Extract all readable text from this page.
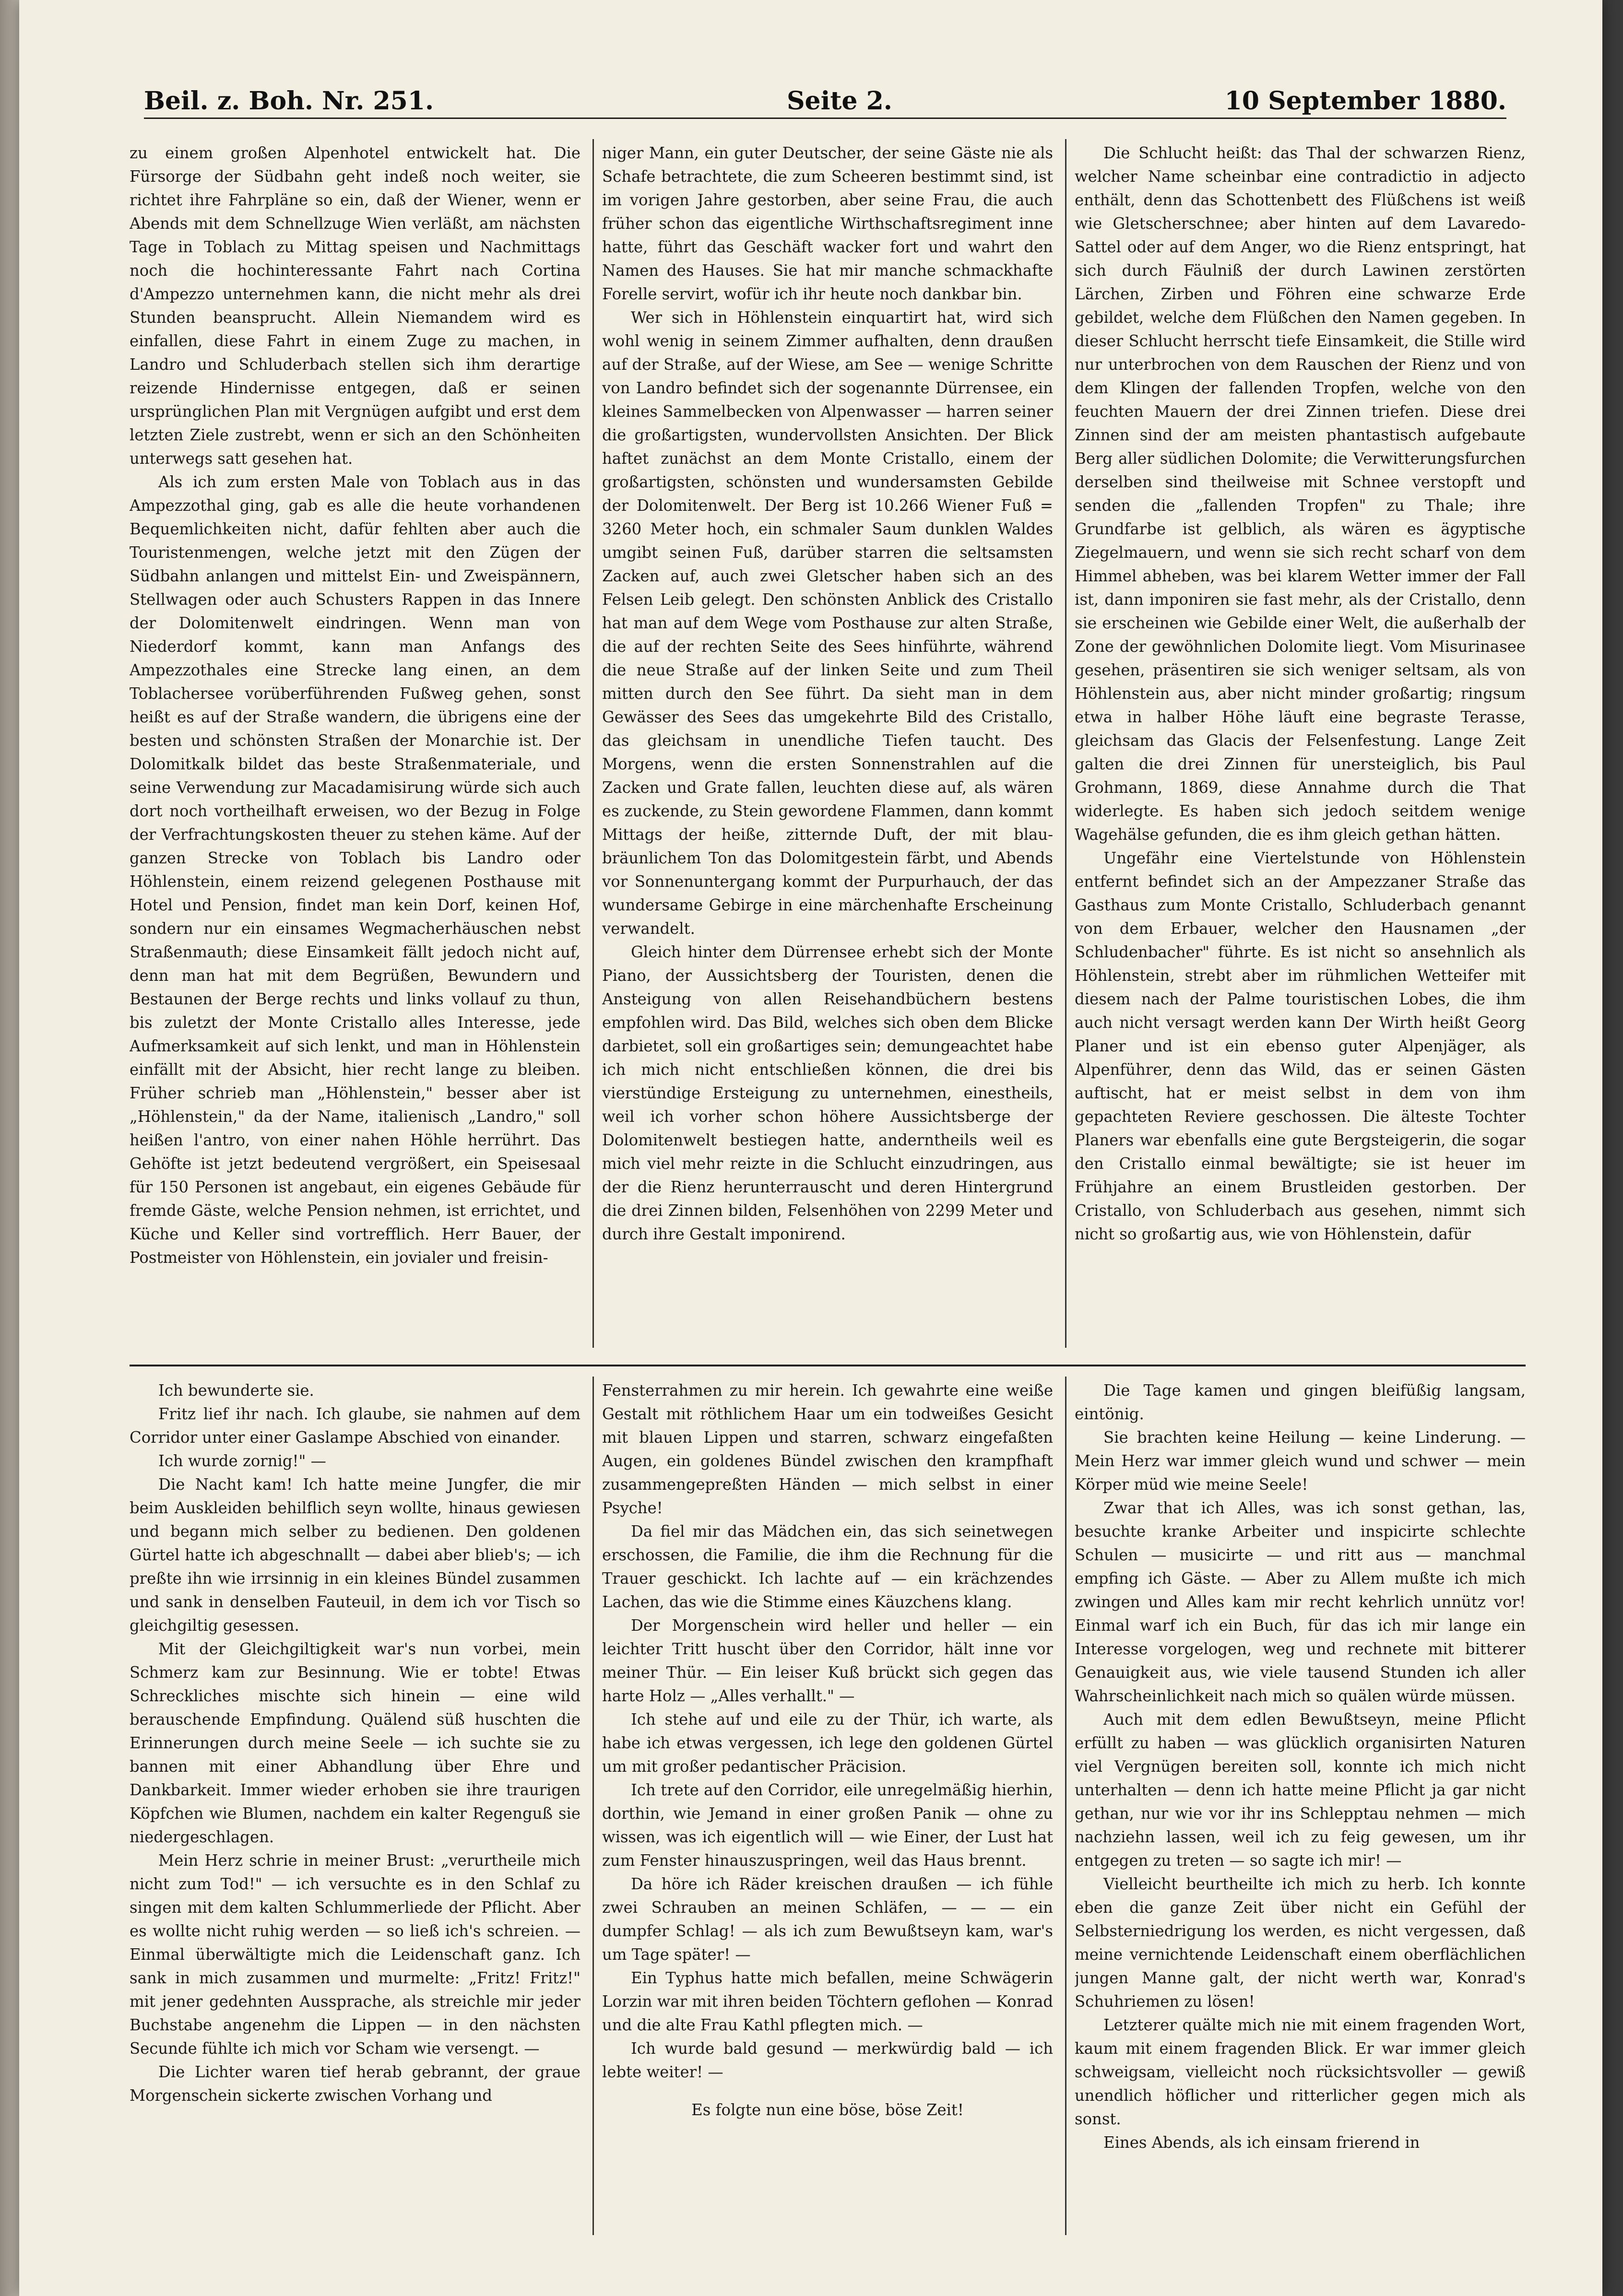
Beil. z. Boh. Nr. 251.	Seite 2.	10 September 1880.

zu einem großen Alpenhotel entwickelt hat. Die Fürsorge der Südbahn geht indeß noch weiter, sie richtet ihre Fahrpläne so ein, daß der Wiener, wenn er Abends mit dem Schnellzuge Wien verläßt, am nächsten Tage in Toblach zu Mittag speisen und Nachmittags noch die hochinteressante Fahrt nach Cortina d'Ampezzo unternehmen kann, die nicht mehr als drei Stunden beansprucht. Allein Niemandem wird es einfallen, diese Fahrt in einem Zuge zu machen, in Landro und Schluderbach stellen sich ihm derartige reizende Hindernisse entgegen, daß er seinen ursprünglichen Plan mit Vergnügen aufgibt und erst dem letzten Ziele zustrebt, wenn er sich an den Schönheiten unterwegs satt gesehen hat.

Als ich zum ersten Male von Toblach aus in das Ampezzothal ging, gab es alle die heute vorhandenen Bequemlichkeiten nicht, dafür fehlten aber auch die Touristenmengen, welche jetzt mit den Zügen der Südbahn anlangen und mittelst Ein- und Zweispännern, Stellwagen oder auch Schusters Rappen in das Innere der Dolomitenwelt eindringen. Wenn man von Niederdorf kommt, kann man Anfangs des Ampezzothales eine Strecke lang einen, an dem Toblachersee vorüberführenden Fußweg gehen, sonst heißt es auf der Straße wandern, die übrigens eine der besten und schönsten Straßen der Monarchie ist. Der Dolomitkalk bildet das beste Straßenmateriale, und seine Verwendung zur Macadamisirung würde sich auch dort noch vortheilhaft erweisen, wo der Bezug in Folge der Verfrachtungskosten theuer zu stehen käme. Auf der ganzen Strecke von Toblach bis Landro oder Höhlenstein, einem reizend gelegenen Posthause mit Hotel und Pension, findet man kein Dorf, keinen Hof, sondern nur ein einsames Wegmacherhäuschen nebst Straßenmauth; diese Einsamkeit fällt jedoch nicht auf, denn man hat mit dem Begrüßen, Bewundern und Bestaunen der Berge rechts und links vollauf zu thun, bis zuletzt der Monte Cristallo alles Interesse, jede Aufmerksamkeit auf sich lenkt, und man in Höhlenstein einfällt mit der Absicht, hier recht lange zu bleiben. Früher schrieb man „Höhlenstein," besser aber ist „Höhlenstein," da der Name, italienisch „Landro," soll heißen l'antro, von einer nahen Höhle herrührt. Das Gehöfte ist jetzt bedeutend vergrößert, ein Speisesaal für 150 Personen ist angebaut, ein eigenes Gebäude für fremde Gäste, welche Pension nehmen, ist errichtet, und Küche und Keller sind vortrefflich. Herr Bauer, der Postmeister von Höhlenstein, ein jovialer und freisin-

niger Mann, ein guter Deutscher, der seine Gäste nie als Schafe betrachtete, die zum Scheeren bestimmt sind, ist im vorigen Jahre gestorben, aber seine Frau, die auch früher schon das eigentliche Wirthschaftsregiment inne hatte, führt das Geschäft wacker fort und wahrt den Namen des Hauses. Sie hat mir manche schmackhafte Forelle servirt, wofür ich ihr heute noch dankbar bin.

Wer sich in Höhlenstein einquartirt hat, wird sich wohl wenig in seinem Zimmer aufhalten, denn draußen auf der Straße, auf der Wiese, am See — wenige Schritte von Landro befindet sich der sogenannte Dürrensee, ein kleines Sammelbecken von Alpenwasser — harren seiner die großartigsten, wundervollsten Ansichten. Der Blick haftet zunächst an dem Monte Cristallo, einem der großartigsten, schönsten und wundersamsten Gebilde der Dolomitenwelt. Der Berg ist 10.266 Wiener Fuß = 3260 Meter hoch, ein schmaler Saum dunklen Waldes umgibt seinen Fuß, darüber starren die seltsamsten Zacken auf, auch zwei Gletscher haben sich an des Felsen Leib gelegt. Den schönsten Anblick des Cristallo hat man auf dem Wege vom Posthause zur alten Straße, die auf der rechten Seite des Sees hinführte, während die neue Straße auf der linken Seite und zum Theil mitten durch den See führt. Da sieht man in dem Gewässer des Sees das umgekehrte Bild des Cristallo, das gleichsam in unendliche Tiefen taucht. Des Morgens, wenn die ersten Sonnenstrahlen auf die Zacken und Grate fallen, leuchten diese auf, als wären es zuckende, zu Stein gewordene Flammen, dann kommt Mittags der heiße, zitternde Duft, der mit blau-bräunlichem Ton das Dolomitgestein färbt, und Abends vor Sonnenuntergang kommt der Purpurhauch, der das wundersame Gebirge in eine märchenhafte Erscheinung verwandelt.

Gleich hinter dem Dürrensee erhebt sich der Monte Piano, der Aussichtsberg der Touristen, denen die Ansteigung von allen Reisehandbüchern bestens empfohlen wird. Das Bild, welches sich oben dem Blicke darbietet, soll ein großartiges sein; demungeachtet habe ich mich nicht entschließen können, die drei bis vierstündige Ersteigung zu unternehmen, einestheils, weil ich vorher schon höhere Aussichtsberge der Dolomitenwelt bestiegen hatte, anderntheils weil es mich viel mehr reizte in die Schlucht einzudringen, aus der die Rienz herunterrauscht und deren Hintergrund die drei Zinnen bilden, Felsenhöhen von 2299 Meter und durch ihre Gestalt imponirend.

Die Schlucht heißt: das Thal der schwarzen Rienz, welcher Name scheinbar eine contradictio in adjecto enthält, denn das Schottenbett des Flüßchens ist weiß wie Gletscherschnee; aber hinten auf dem Lavaredo-Sattel oder auf dem Anger, wo die Rienz entspringt, hat sich durch Fäulniß der durch Lawinen zerstörten Lärchen, Zirben und Föhren eine schwarze Erde gebildet, welche dem Flüßchen den Namen gegeben. In dieser Schlucht herrscht tiefe Einsamkeit, die Stille wird nur unterbrochen von dem Rauschen der Rienz und von dem Klingen der fallenden Tropfen, welche von den feuchten Mauern der drei Zinnen triefen. Diese drei Zinnen sind der am meisten phantastisch aufgebaute Berg aller südlichen Dolomite; die Verwitterungsfurchen derselben sind theilweise mit Schnee verstopft und senden die „fallenden Tropfen" zu Thale; ihre Grundfarbe ist gelblich, als wären es ägyptische Ziegelmauern, und wenn sie sich recht scharf von dem Himmel abheben, was bei klarem Wetter immer der Fall ist, dann imponiren sie fast mehr, als der Cristallo, denn sie erscheinen wie Gebilde einer Welt, die außerhalb der Zone der gewöhnlichen Dolomite liegt. Vom Misurinasee gesehen, präsentiren sie sich weniger seltsam, als von Höhlenstein aus, aber nicht minder großartig; ringsum etwa in halber Höhe läuft eine begraste Terasse, gleichsam das Glacis der Felsenfestung. Lange Zeit galten die drei Zinnen für unersteiglich, bis Paul Grohmann, 1869, diese Annahme durch die That widerlegte. Es haben sich jedoch seitdem wenige Wagehälse gefunden, die es ihm gleich gethan hätten.

Ungefähr eine Viertelstunde von Höhlenstein entfernt befindet sich an der Ampezzaner Straße das Gasthaus zum Monte Cristallo, Schluderbach genannt von dem Erbauer, welcher den Hausnamen „der Schludenbacher" führte. Es ist nicht so ansehnlich als Höhlenstein, strebt aber im rühmlichen Wetteifer mit diesem nach der Palme touristischen Lobes, die ihm auch nicht versagt werden kann Der Wirth heißt Georg Planer und ist ein ebenso guter Alpenjäger, als Alpenführer, denn das Wild, das er seinen Gästen auftischt, hat er meist selbst in dem von ihm gepachteten Reviere geschossen. Die älteste Tochter Planers war ebenfalls eine gute Bergsteigerin, die sogar den Cristallo einmal bewältigte; sie ist heuer im Frühjahre an einem Brustleiden gestorben. Der Cristallo, von Schluderbach aus gesehen, nimmt sich nicht so großartig aus, wie von Höhlenstein, dafür

Ich bewunderte sie.

Fritz lief ihr nach. Ich glaube, sie nahmen auf dem Corridor unter einer Gaslampe Abschied von einander.

Ich wurde zornig!" —

Die Nacht kam! Ich hatte meine Jungfer, die mir beim Auskleiden behilflich seyn wollte, hinaus gewiesen und begann mich selber zu bedienen. Den goldenen Gürtel hatte ich abgeschnallt — dabei aber blieb's; — ich preßte ihn wie irrsinnig in ein kleines Bündel zusammen und sank in denselben Fauteuil, in dem ich vor Tisch so gleichgiltig gesessen.

Mit der Gleichgiltigkeit war's nun vorbei, mein Schmerz kam zur Besinnung. Wie er tobte! Etwas Schreckliches mischte sich hinein — eine wild berauschende Empfindung. Quälend süß huschten die Erinnerungen durch meine Seele — ich suchte sie zu bannen mit einer Abhandlung über Ehre und Dankbarkeit. Immer wieder erhoben sie ihre traurigen Köpfchen wie Blumen, nachdem ein kalter Regenguß sie niedergeschlagen.

Mein Herz schrie in meiner Brust: „verurtheile mich nicht zum Tod!" — ich versuchte es in den Schlaf zu singen mit dem kalten Schlummerliede der Pflicht. Aber es wollte nicht ruhig werden — so ließ ich's schreien. — Einmal überwältigte mich die Leidenschaft ganz. Ich sank in mich zusammen und murmelte: „Fritz! Fritz!" mit jener gedehnten Aussprache, als streichle mir jeder Buchstabe angenehm die Lippen — in den nächsten Secunde fühlte ich mich vor Scham wie versengt. —

Die Lichter waren tief herab gebrannt, der graue Morgenschein sickerte zwischen Vorhang und

Fensterrahmen zu mir herein. Ich gewahrte eine weiße Gestalt mit röthlichem Haar um ein todweißes Gesicht mit blauen Lippen und starren, schwarz eingefaßten Augen, ein goldenes Bündel zwischen den krampfhaft zusammengepreßten Händen — mich selbst in einer Psyche!

Da fiel mir das Mädchen ein, das sich seinetwegen erschossen, die Familie, die ihm die Rechnung für die Trauer geschickt. Ich lachte auf — ein krächzendes Lachen, das wie die Stimme eines Käuzchens klang.

Der Morgenschein wird heller und heller — ein leichter Tritt huscht über den Corridor, hält inne vor meiner Thür. — Ein leiser Kuß brückt sich gegen das harte Holz — „Alles verhallt." —

Ich stehe auf und eile zu der Thür, ich warte, als habe ich etwas vergessen, ich lege den goldenen Gürtel um mit großer pedantischer Präcision.

Ich trete auf den Corridor, eile unregelmäßig hierhin, dorthin, wie Jemand in einer großen Panik — ohne zu wissen, was ich eigentlich will — wie Einer, der Lust hat zum Fenster hinauszuspringen, weil das Haus brennt.

Da höre ich Räder kreischen draußen — ich fühle zwei Schrauben an meinen Schläfen, — — — ein dumpfer Schlag! — als ich zum Bewußtseyn kam, war's um Tage später! —

Ein Typhus hatte mich befallen, meine Schwägerin Lorzin war mit ihren beiden Töchtern geflohen — Konrad und die alte Frau Kathl pflegten mich. —

Ich wurde bald gesund — merkwürdig bald — ich lebte weiter! —

Es folgte nun eine böse, böse Zeit!

Die Tage kamen und gingen bleifüßig langsam, eintönig.

Sie brachten keine Heilung — keine Linderung. — Mein Herz war immer gleich wund und schwer — mein Körper müd wie meine Seele!

Zwar that ich Alles, was ich sonst gethan, las, besuchte kranke Arbeiter und inspicirte schlechte Schulen — musicirte — und ritt aus — manchmal empfing ich Gäste. — Aber zu Allem mußte ich mich zwingen und Alles kam mir recht kehrlich unnütz vor! Einmal warf ich ein Buch, für das ich mir lange ein Interesse vorgelogen, weg und rechnete mit bitterer Genauigkeit aus, wie viele tausend Stunden ich aller Wahrscheinlichkeit nach mich so quälen würde müssen.

Auch mit dem edlen Bewußtseyn, meine Pflicht erfüllt zu haben — was glücklich organisirten Naturen viel Vergnügen bereiten soll, konnte ich mich nicht unterhalten — denn ich hatte meine Pflicht ja gar nicht gethan, nur wie vor ihr ins Schlepptau nehmen — mich nachziehn lassen, weil ich zu feig gewesen, um ihr entgegen zu treten — so sagte ich mir! —

Vielleicht beurtheilte ich mich zu herb. Ich konnte eben die ganze Zeit über nicht ein Gefühl der Selbsterniedrigung los werden, es nicht vergessen, daß meine vernichtende Leidenschaft einem oberflächlichen jungen Manne galt, der nicht werth war, Konrad's Schuhriemen zu lösen!

Letzterer quälte mich nie mit einem fragenden Wort, kaum mit einem fragenden Blick. Er war immer gleich schweigsam, vielleicht noch rücksichtsvoller — gewiß unendlich höflicher und ritterlicher gegen mich als sonst.

Eines Abends, als ich einsam frierend in
